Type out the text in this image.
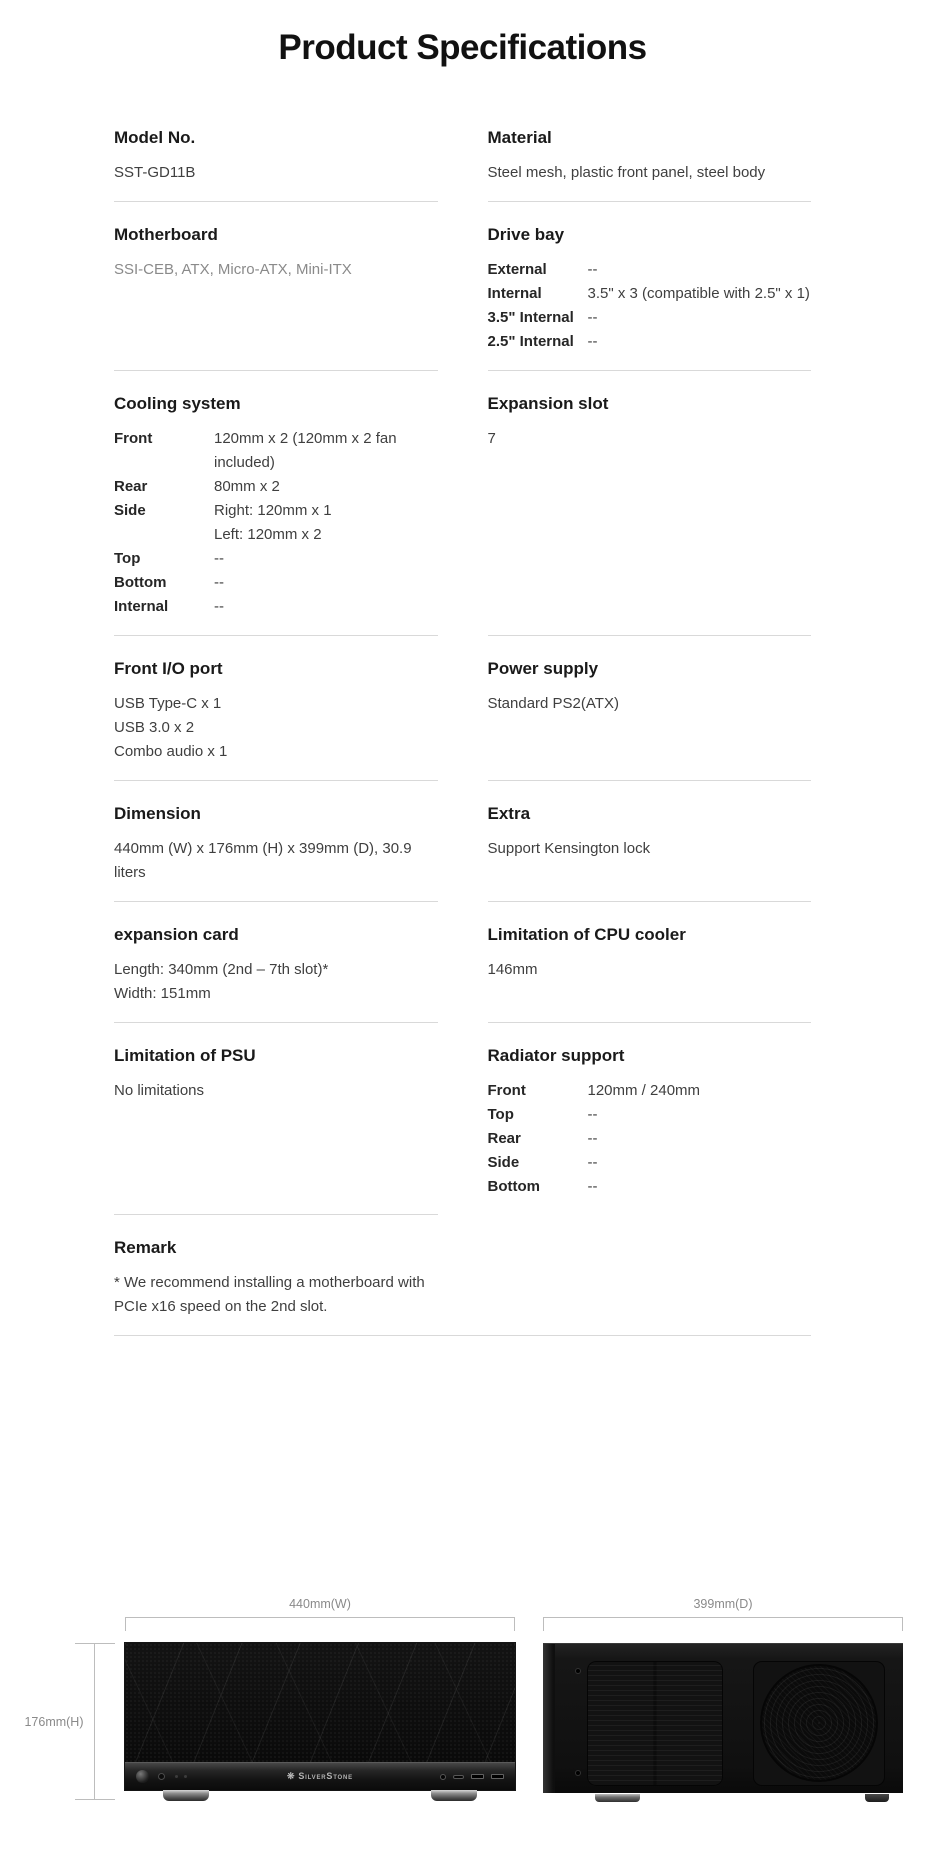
Product Specifications
Model No.

SST-GD11B

Material

Steel mesh, plastic front panel, steel body

Motherboard

SSI-CEB, ATX, Micro-ATX, Mini-ITX

Drive bay
External	--
Internal	3.5" x 3 (compatible with 2.5" x 1)
3.5" Internal --
2.5" Internal --
Cooling system
Front	120mm x 2 (120mm x 2 fan included)
Rear	80mm x 2
Side	Right: 120mm x 1
Left: 120mm x 2
Top	--
Bottom	--
Internal	--
Expansion slot

7

Front I/O port
USB Type-C x 1
USB 3.0 x 2
Combo audio x 1
Power supply

Standard PS2(ATX)

Dimension

440mm (W) x 176mm (H) x 399mm (D), 30.9 liters

Extra

Support Kensington lock

expansion card
Length: 340mm (2nd – 7th slot)*
Width: 151mm
Limitation of CPU cooler

146mm

Limitation of PSU

No limitations

Radiator support
Front	120mm / 240mm
Top	--
Rear	--
Side	--
Bottom	--
Remark

* We recommend installing a motherboard with PCIe x16 speed on the 2nd slot.

440mm(W)
176mm(H)
❊ SilverStone
399mm(D)
